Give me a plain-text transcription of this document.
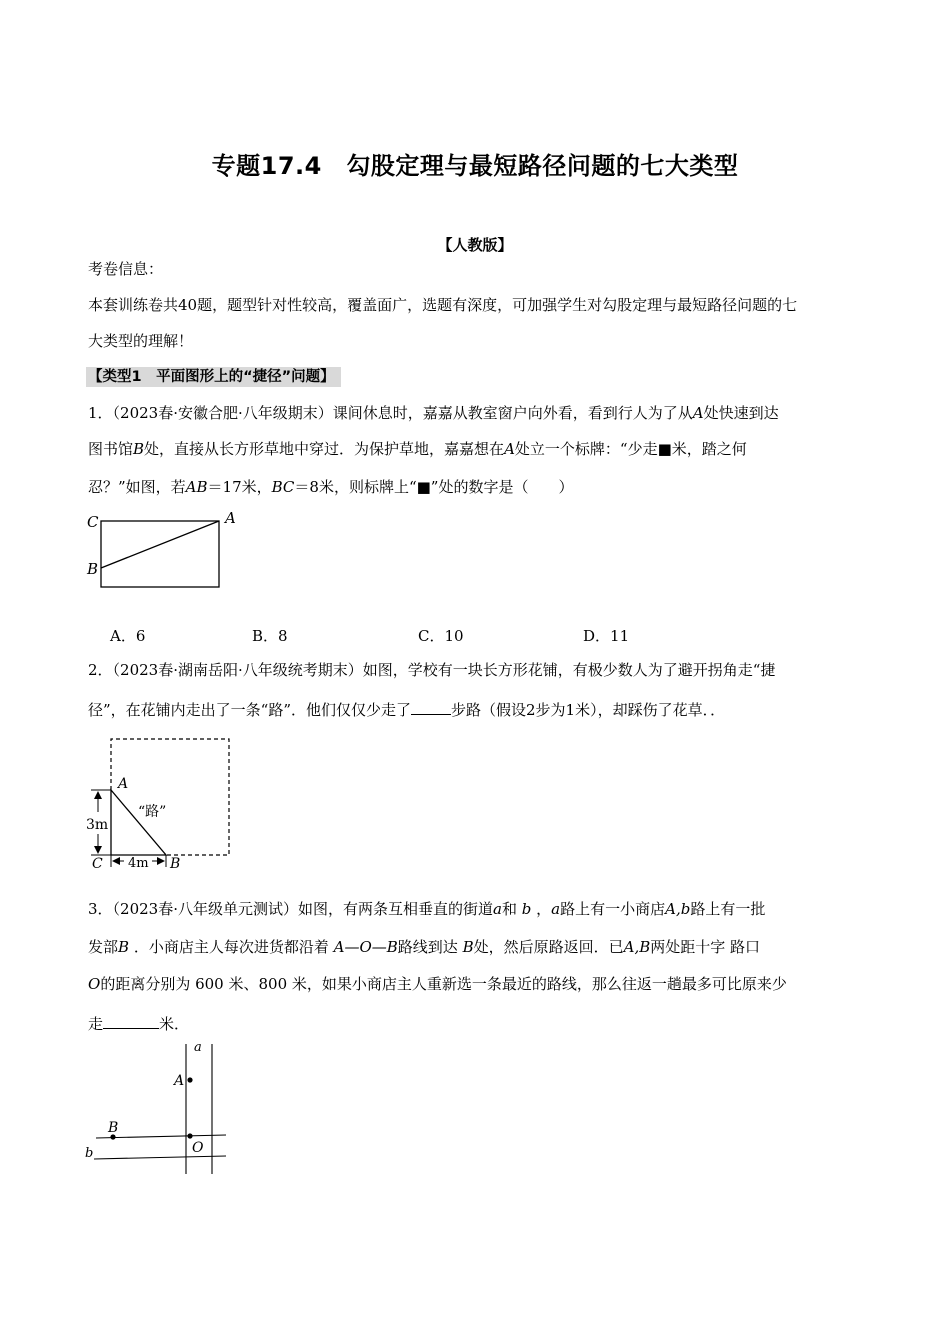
专题17.4　勾股定理与最短路径问题的七大类型
【人教版】
考卷信息：
本套训练卷共40题，题型针对性较高，覆盖面广，选题有深度，可加强学生对勾股定理与最短路径问题的七
大类型的理解！
【类型1　平面图形上的“捷径”问题】
1．（2023春·安徽合肥·八年级期末）课间休息时，嘉嘉从教室窗户向外看，看到行人为了从A处快速到达
图书馆B处，直接从长方形草地中穿过．为保护草地，嘉嘉想在A处立一个标牌：“少走■米，踏之何
忍？”如图，若AB＝17米，BC＝8米，则标牌上“■”处的数字是（　　）
C	A
B
A．6	B．8	C．10	D．11
2．（2023春·湖南岳阳·八年级统考期末）如图，学校有一块长方形花铺，有极少数人为了避开拐角走“捷
径”，在花铺内走出了一条“路”．他们仅仅少走了	步路（假设2步为1米），却踩伤了花草．．
A
“路”
3m
C 4m B
3．（2023春·八年级单元测试）如图，有两条互相垂直的街道a和 b ，a路上有一小商店A,b路上有一批
发部B ．小商店主人每次进货都沿着 A—O—B路线到达 B处，然后原路返回．已A,B两处距十字 路口
O的距离分别为 600 米、800 米，如果小商店主人重新选一条最近的路线，那么往返一趟最多可比原来少
走	米．
a
A
B
O
b
